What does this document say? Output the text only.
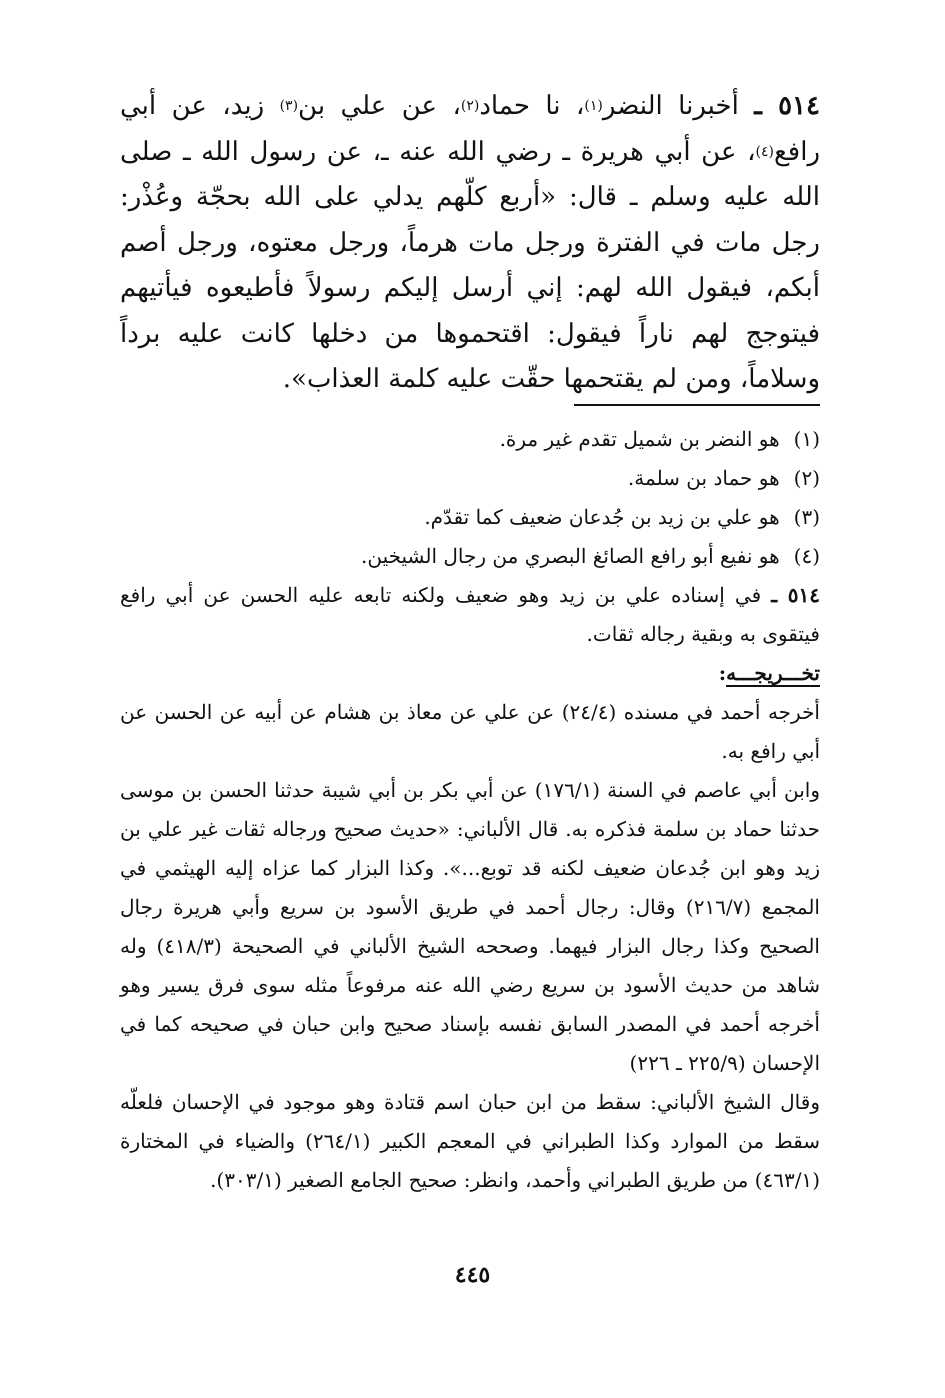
٥١٤ ـ أخبرنا النضر$^{(١)}$، نا حماد$^{(٢)}$، عن علي بن$^{(٣)}$ زيد، عن أبي رافع$^{(٤)}$، عن أبي هريرة ـ رضي الله عنه ـ، عن رسول الله ـ صلى الله عليه وسلم ـ قال: «أربع كلّهم يدلي على الله بحجّة وعُذْر: رجل مات في الفترة ورجل مات هرماً، ورجل معتوه، ورجل أصم أبكم، فيقول الله لهم: إني أرسل إليكم رسولاً فأطيعوه فيأتيهم فيتوجج لهم ناراً فيقول: اقتحموها من دخلها كانت عليه برداً وسلاماً، ومن لم يقتحمها حقّت عليه كلمة العذاب».

(١)هو النضر بن شميل تقدم غير مرة.

(٢)هو حماد بن سلمة.

(٣)هو علي بن زيد بن جُدعان ضعيف كما تقدّم.

(٤)هو نفيع أبو رافع الصائغ البصري من رجال الشيخين.

٥١٤ ـ في إسناده علي بن زيد وهو ضعيف ولكنه تابعه عليه الحسن عن أبي رافع فيتقوى به وبقية رجاله ثقات.

تخـــريجـــه:

أخرجه أحمد في مسنده (٢٤/٤) عن علي عن معاذ بن هشام عن أبيه عن الحسن عن أبي رافع به.

وابن أبي عاصم في السنة (١٧٦/١) عن أبي بكر بن أبي شيبة حدثنا الحسن بن موسى حدثنا حماد بن سلمة فذكره به. قال الألباني: «حديث صحيح ورجاله ثقات غير علي بن زيد وهو ابن جُدعان ضعيف لكنه قد توبع...». وكذا البزار كما عزاه إليه الهيثمي في المجمع (٢١٦/٧) وقال: رجال أحمد في طريق الأسود بن سريع وأبي هريرة رجال الصحيح وكذا رجال البزار فيهما. وصححه الشيخ الألباني في الصحيحة (٤١٨/٣) وله شاهد من حديث الأسود بن سريع رضي الله عنه مرفوعاً مثله سوى فرق يسير وهو أخرجه أحمد في المصدر السابق نفسه بإسناد صحيح وابن حبان في صحيحه كما في الإحسان (٢٢٥/٩ ـ ٢٢٦)

وقال الشيخ الألباني: سقط من ابن حبان اسم قتادة وهو موجود في الإحسان فلعلّه سقط من الموارد وكذا الطبراني في المعجم الكبير (٢٦٤/١) والضياء في المختارة (٤٦٣/١) من طريق الطبراني وأحمد، وانظر: صحيح الجامع الصغير (٣٠٣/١).

٤٤٥
